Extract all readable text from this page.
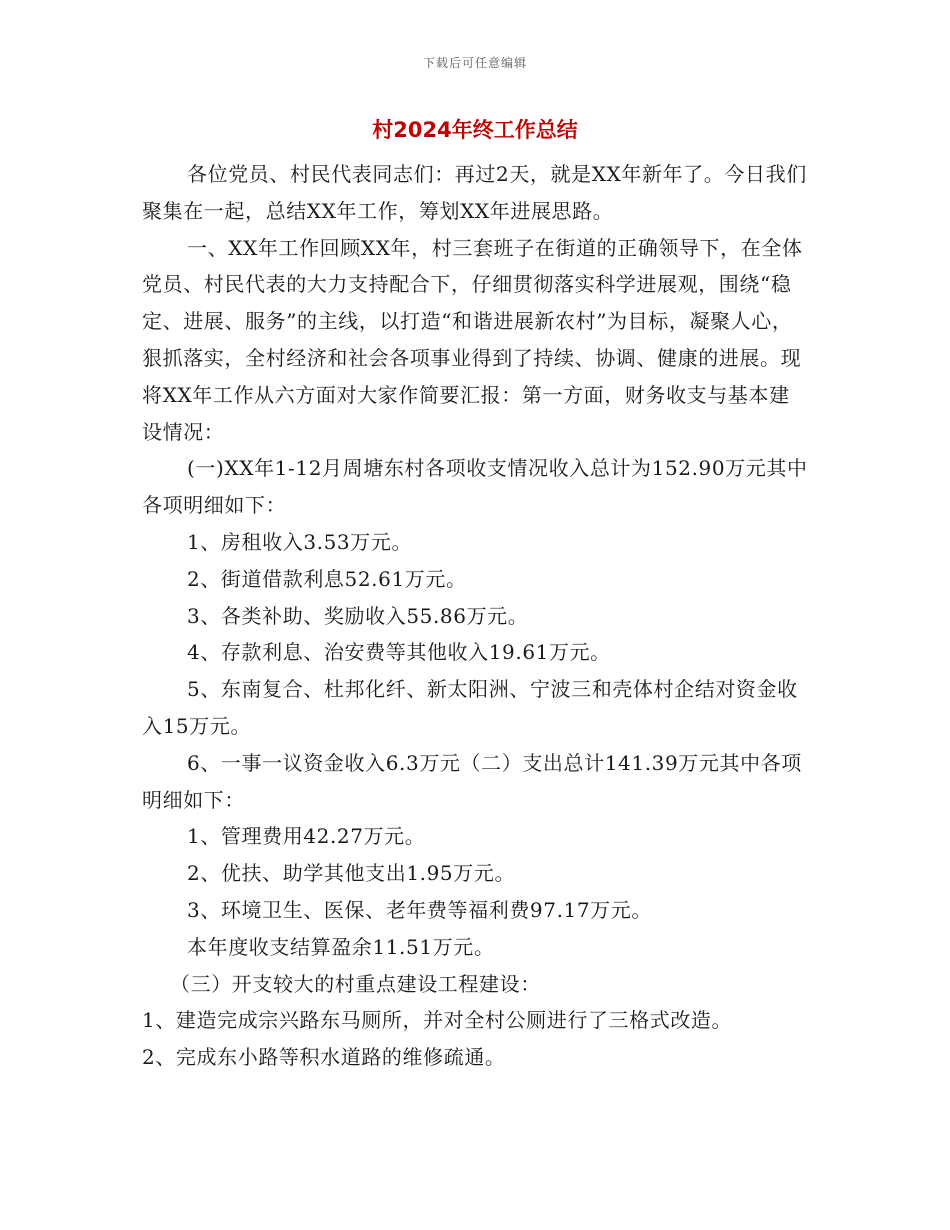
下载后可任意编辑
村2024年终工作总结

各位党员、村民代表同志们：再过2天，就是XX年新年了。今日我们聚集在一起，总结XX年工作，筹划XX年进展思路。

一、XX年工作回顾XX年，村三套班子在街道的正确领导下，在全体党员、村民代表的大力支持配合下，仔细贯彻落实科学进展观，围绕“稳定、进展、服务”的主线，以打造“和谐进展新农村”为目标，凝聚人心，狠抓落实，全村经济和社会各项事业得到了持续、协调、健康的进展。现将XX年工作从六方面对大家作简要汇报：第一方面，财务收支与基本建设情况：

(一)XX年1-12月周塘东村各项收支情况收入总计为152.90万元其中各项明细如下：

1、房租收入3.53万元。

2、街道借款利息52.61万元。

3、各类补助、奖励收入55.86万元。

4、存款利息、治安费等其他收入19.61万元。

5、东南复合、杜邦化纤、新太阳洲、宁波三和壳体村企结对资金收入15万元。

6、一事一议资金收入6.3万元（二）支出总计141.39万元其中各项明细如下：

1、管理费用42.27万元。

2、优扶、助学其他支出1.95万元。

3、环境卫生、医保、老年费等福利费97.17万元。

本年度收支结算盈余11.51万元。

（三）开支较大的村重点建设工程建设：

1、建造完成宗兴路东马厕所，并对全村公厕进行了三格式改造。

2、完成东小路等积水道路的维修疏通。
